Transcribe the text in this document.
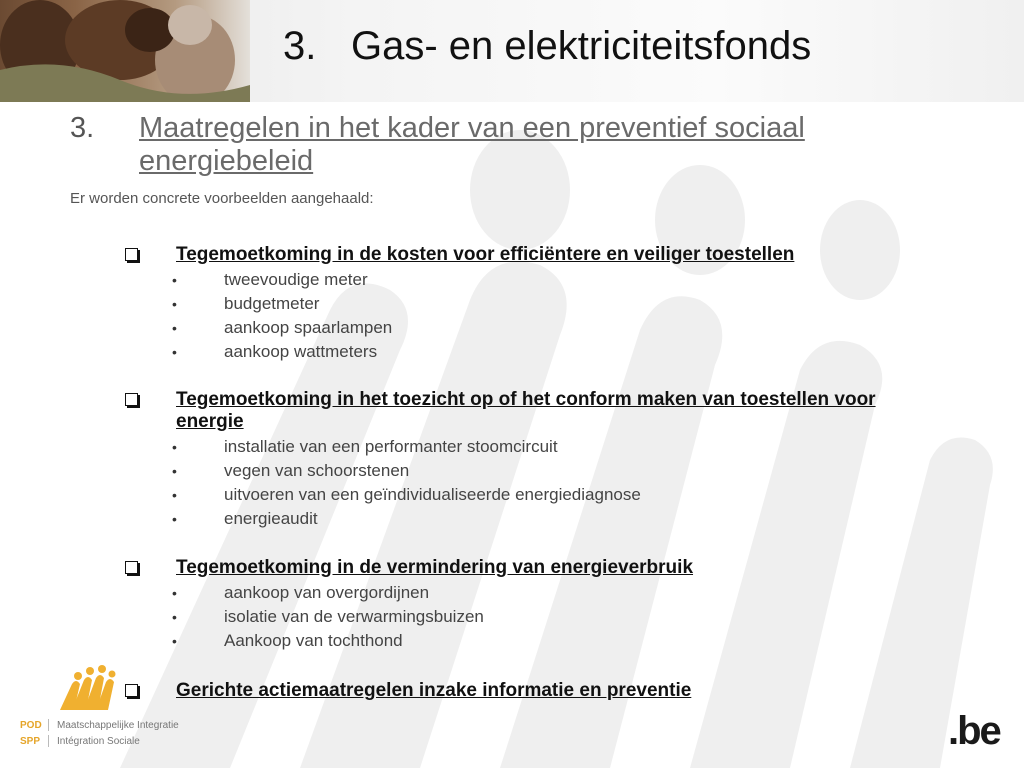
3. Gas- en elektriciteitsfonds
3. Maatregelen in het kader van een preventief sociaal energiebeleid
Er worden concrete voorbeelden aangehaald:
Tegemoetkoming in de kosten voor efficiëntere en veiliger toestellen
• tweevoudige meter
• budgetmeter
• aankoop spaarlampen
• aankoop wattmeters
Tegemoetkoming in het toezicht op of het conform maken van toestellen voor energie
• installatie van een performanter stoomcircuit
• vegen van schoorstenen
• uitvoeren van een geïndividualiseerde energiediagnose
• energieaudit
Tegemoetkoming in de vermindering van energieverbruik
• aankoop van overgordijnen
• isolatie van de verwarmingsbuizen
• Aankoop van tochthond
Gerichte actiemaatregelen inzake informatie en preventie
POD Maatschappelijke Integratie
SPP Intégration Sociale	.be
